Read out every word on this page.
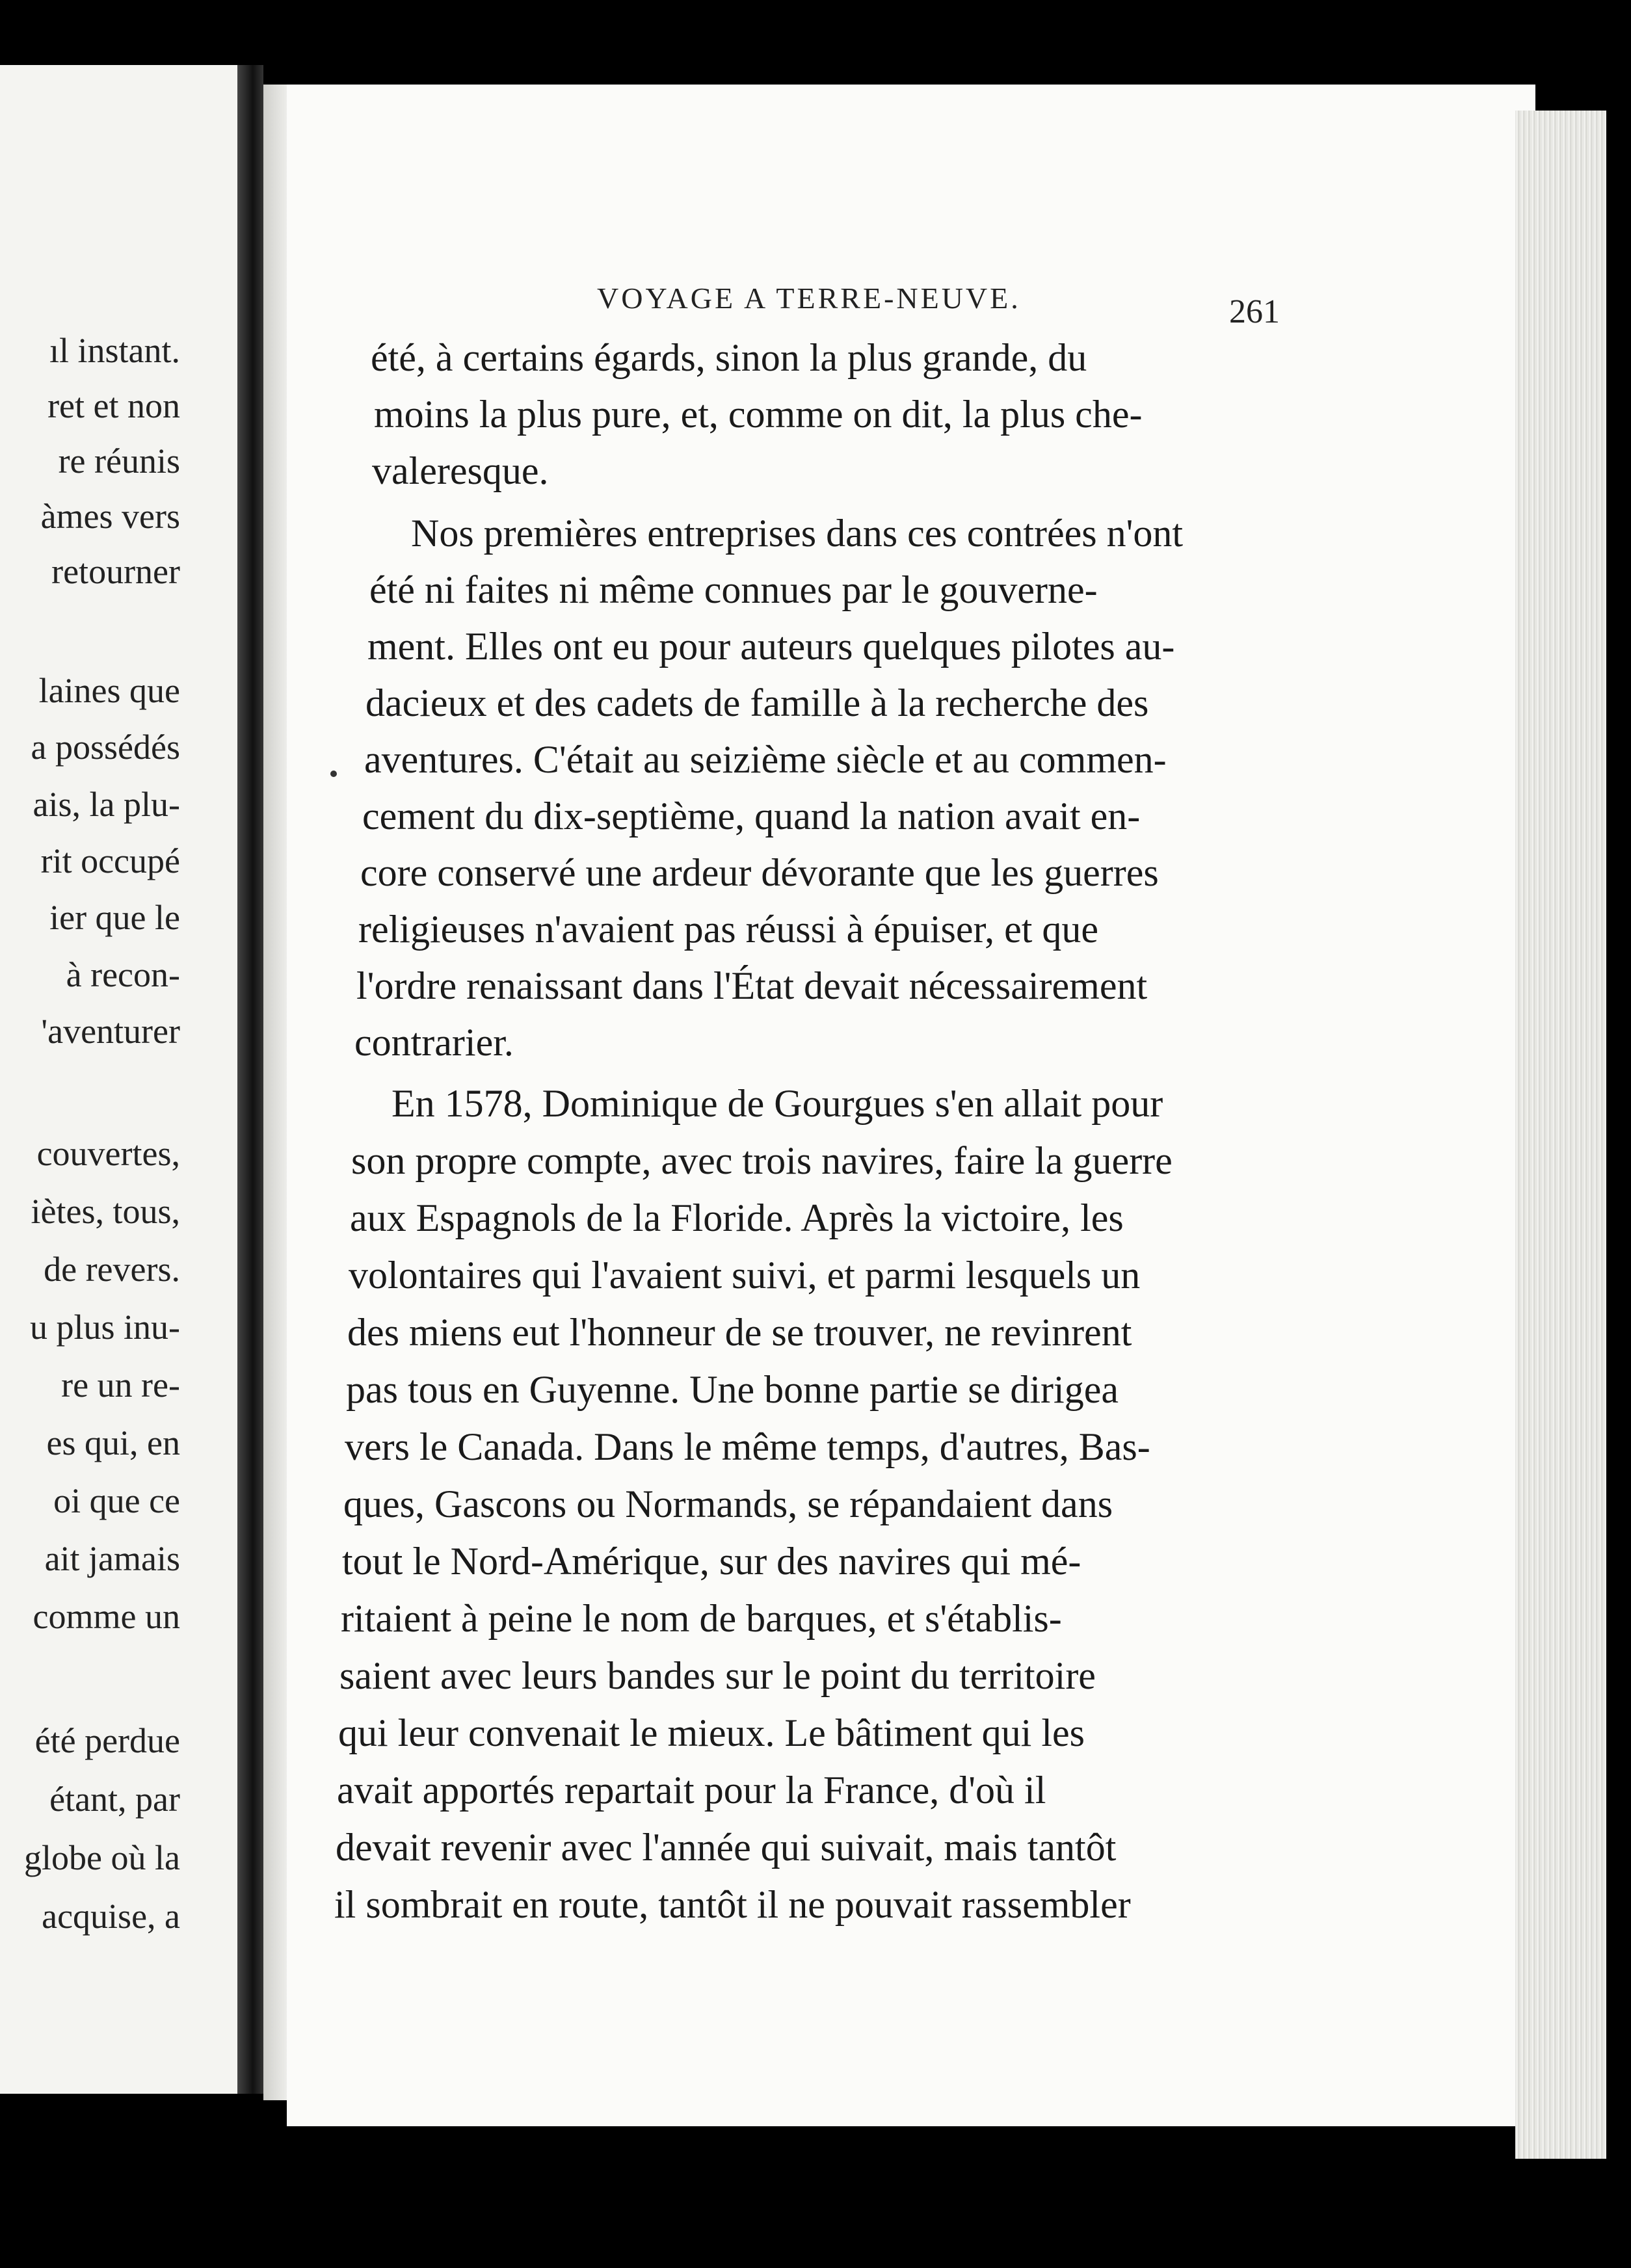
ıl instant.
ret et non
re réunis
àmes vers
retourner
laines que
a possédés
ais, la plu-
rit occupé
ier que le
à recon-
'aventurer
couvertes,
iètes, tous,
de revers.
u plus inu-
re un re-
es qui, en
oi que ce
ait jamais
comme un
été perdue
étant, par
globe où la
acquise, a
VOYAGE A TERRE-NEUVE.	261
été, à certains égards, sinon la plus grande, du
moins la plus pure, et, comme on dit, la plus che-
valeresque.
Nos premières entreprises dans ces contrées n'ont
été ni faites ni même connues par le gouverne-
ment. Elles ont eu pour auteurs quelques pilotes au-
dacieux et des cadets de famille à la recherche des
aventures. C'était au seizième siècle et au commen-
cement du dix-septième, quand la nation avait en-
core conservé une ardeur dévorante que les guerres
religieuses n'avaient pas réussi à épuiser, et que
l'ordre renaissant dans l'État devait nécessairement
contrarier.
En 1578, Dominique de Gourgues s'en allait pour
son propre compte, avec trois navires, faire la guerre
aux Espagnols de la Floride. Après la victoire, les
volontaires qui l'avaient suivi, et parmi lesquels un
des miens eut l'honneur de se trouver, ne revinrent
pas tous en Guyenne. Une bonne partie se dirigea
vers le Canada. Dans le même temps, d'autres, Bas-
ques, Gascons ou Normands, se répandaient dans
tout le Nord-Amérique, sur des navires qui mé-
ritaient à peine le nom de barques, et s'établis-
saient avec leurs bandes sur le point du territoire
qui leur convenait le mieux. Le bâtiment qui les
avait apportés repartait pour la France, d'où il
devait revenir avec l'année qui suivait, mais tantôt
il sombrait en route, tantôt il ne pouvait rassembler
